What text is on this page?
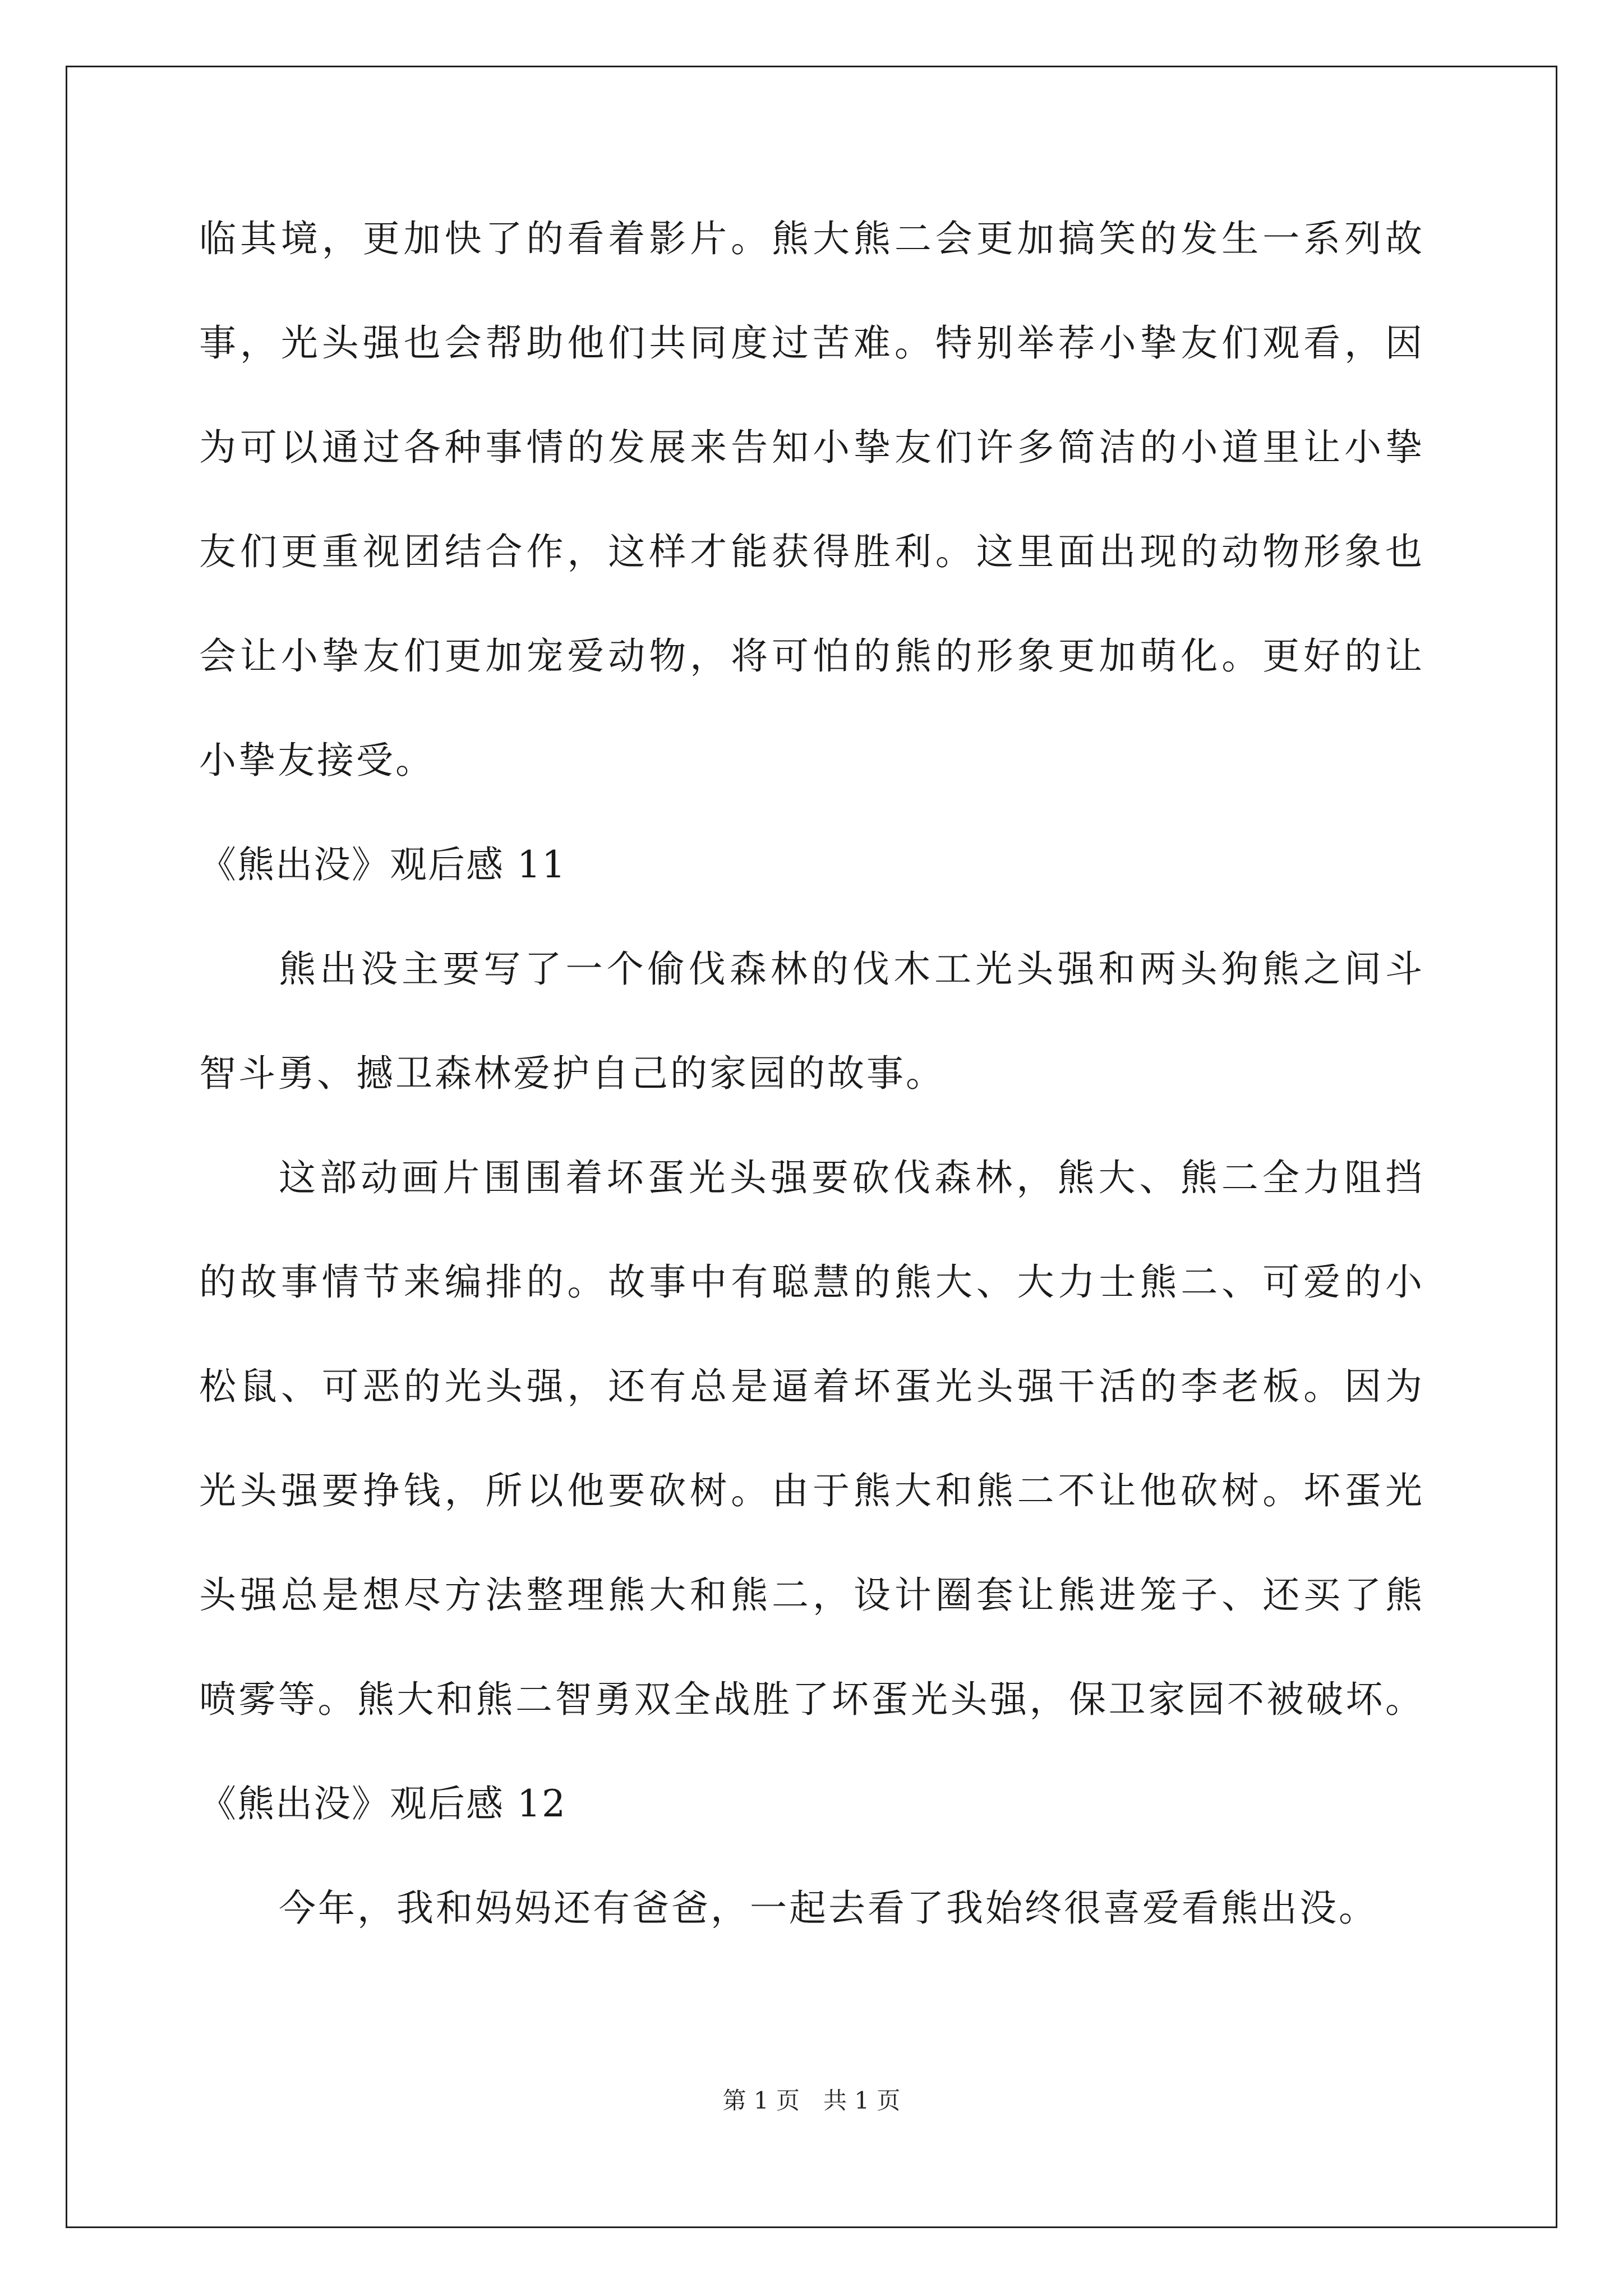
临其境，更加快了的看着影片。熊大熊二会更加搞笑的发生一系列故
事，光头强也会帮助他们共同度过苦难。特别举荐小挚友们观看，因
为可以通过各种事情的发展来告知小挚友们许多简洁的小道里让小挚
友们更重视团结合作，这样才能获得胜利。这里面出现的动物形象也
会让小挚友们更加宠爱动物，将可怕的熊的形象更加萌化。更好的让
小挚友接受。
《熊出没》观后感 11
熊出没主要写了一个偷伐森林的伐木工光头强和两头狗熊之间斗
智斗勇、撼卫森林爱护自己的家园的故事。
这部动画片围围着坏蛋光头强要砍伐森林，熊大、熊二全力阻挡
的故事情节来编排的。故事中有聪慧的熊大、大力士熊二、可爱的小
松鼠、可恶的光头强，还有总是逼着坏蛋光头强干活的李老板。因为
光头强要挣钱，所以他要砍树。由于熊大和熊二不让他砍树。坏蛋光
头强总是想尽方法整理熊大和熊二，设计圈套让熊进笼子、还买了熊
喷雾等。熊大和熊二智勇双全战胜了坏蛋光头强，保卫家园不被破坏。
《熊出没》观后感 12
今年，我和妈妈还有爸爸，一起去看了我始终很喜爱看熊出没。
第 1 页　共 1 页
